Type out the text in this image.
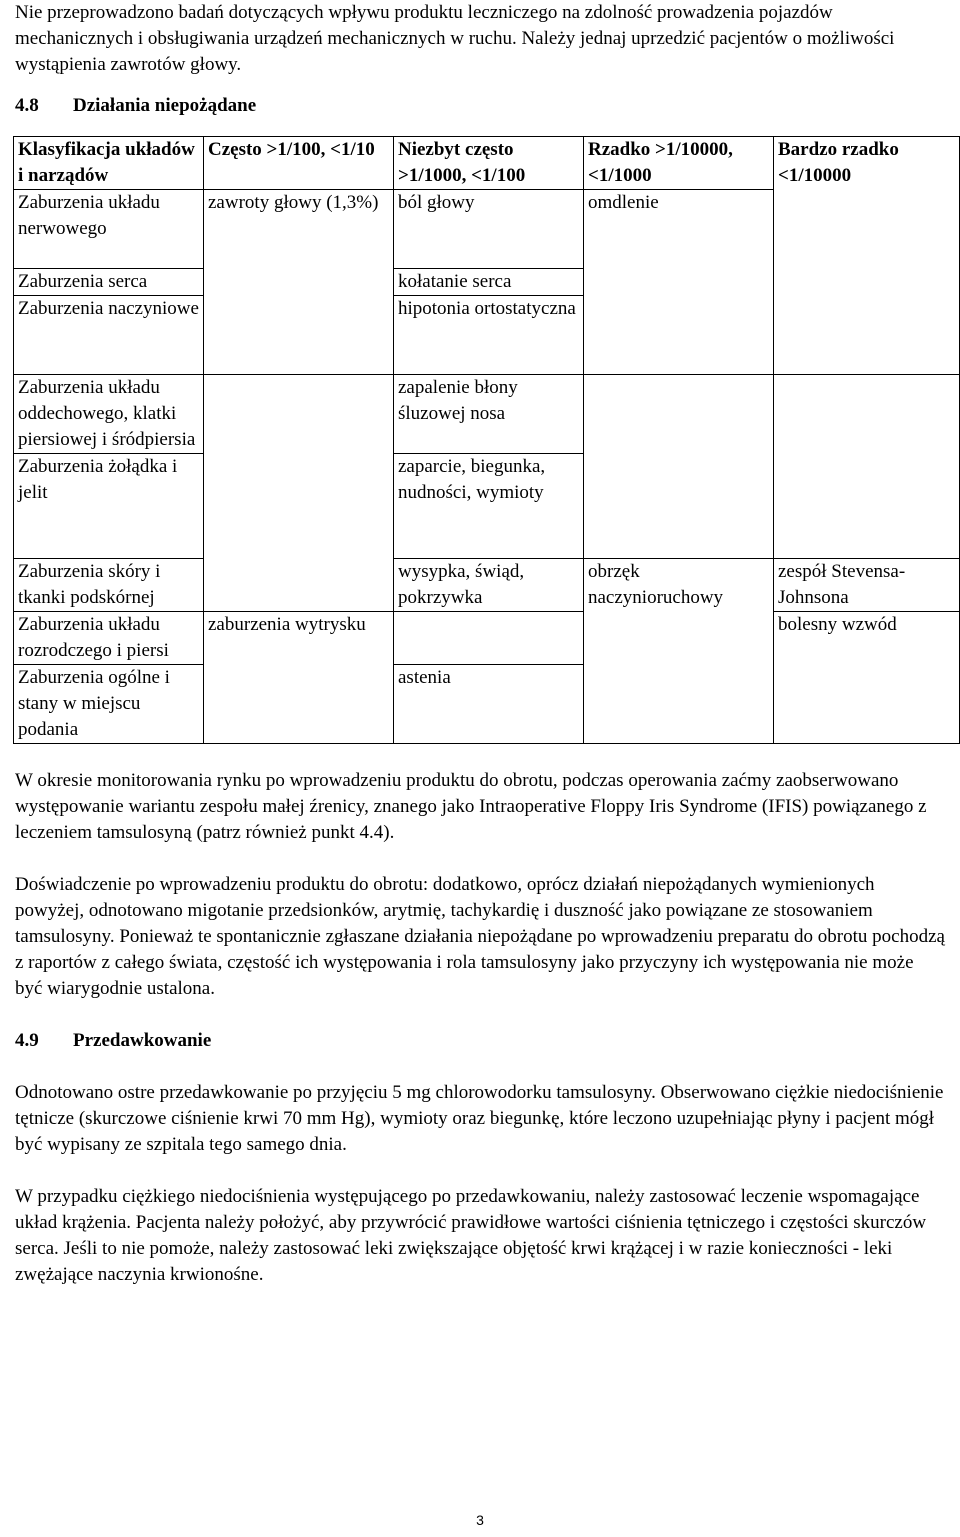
Nie przeprowadzono badań dotyczących wpływu produktu leczniczego na zdolność prowadzenia pojazdów mechanicznych i obsługiwania urządzeń mechanicznych w ruchu. Należy jednaj uprzedzić pacjentów o możliwości wystąpienia zawrotów głowy.

4.8	Działania niepożądane
Klasyfikacja układów i narządów	Często >1/100, <1/10	Niezbyt często >1/1000, <1/100	Rzadko >1/10000, <1/1000	Bardzo rzadko <1/10000
Zaburzenia układu nerwowego	zawroty głowy (1,3%)	ból głowy	omdlenie	
Zaburzenia serca		kołatanie serca		
Zaburzenia naczyniowe		hipotonia ortostatyczna		
Zaburzenia układu oddechowego, klatki piersiowej i śródpiersia		zapalenie błony śluzowej nosa		
Zaburzenia żołądka i jelit		zaparcie, biegunka, nudności, wymioty		
Zaburzenia skóry i tkanki podskórnej		wysypka, świąd, pokrzywka	obrzęk naczynioruchowy	zespół Stevensa-Johnsona
Zaburzenia układu rozrodczego i piersi	zaburzenia wytrysku			bolesny wzwód
Zaburzenia ogólne i stany w miejscu podania		astenia		

W okresie monitorowania rynku po wprowadzeniu produktu do obrotu, podczas operowania zaćmy zaobserwowano występowanie wariantu zespołu małej źrenicy, znanego jako Intraoperative Floppy Iris Syndrome (IFIS) powiązanego z leczeniem tamsulosyną (patrz również punkt 4.4).

Doświadczenie po wprowadzeniu produktu do obrotu: dodatkowo, oprócz działań niepożądanych wymienionych powyżej, odnotowano migotanie przedsionków, arytmię, tachykardię i duszność jako powiązane ze stosowaniem tamsulosyny. Ponieważ te spontanicznie zgłaszane działania niepożądane po wprowadzeniu preparatu do obrotu pochodzą z raportów z całego świata, częstość ich występowania i rola tamsulosyny jako przyczyny ich występowania nie może być wiarygodnie ustalona.

4.9	Przedawkowanie

Odnotowano ostre przedawkowanie po przyjęciu 5 mg chlorowodorku tamsulosyny. Obserwowano ciężkie niedociśnienie tętnicze (skurczowe ciśnienie krwi 70 mm Hg), wymioty oraz biegunkę, które leczono uzupełniając płyny i pacjent mógł być wypisany ze szpitala tego samego dnia.

W przypadku ciężkiego niedociśnienia występującego po przedawkowaniu, należy zastosować leczenie wspomagające układ krążenia. Pacjenta należy położyć, aby przywrócić prawidłowe wartości ciśnienia tętniczego i częstości skurczów serca. Jeśli to nie pomoże, należy zastosować leki zwiększające objętość krwi krążącej i w razie konieczności - leki zwężające naczynia krwionośne.

3
